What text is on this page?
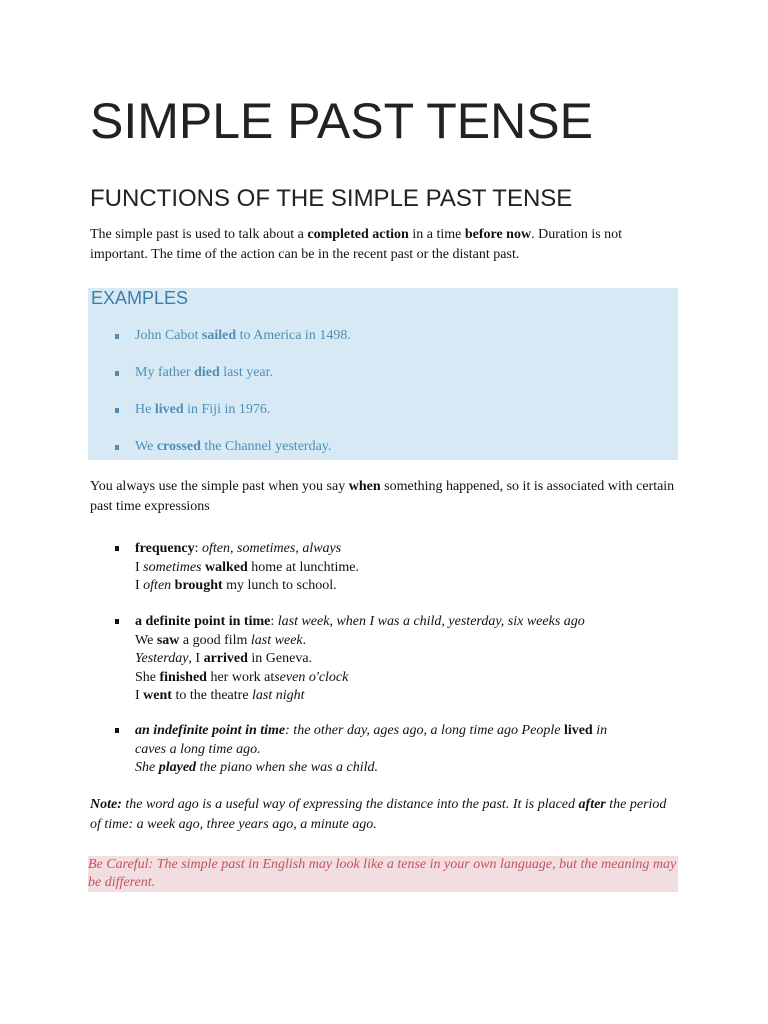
SIMPLE PAST TENSE
FUNCTIONS OF THE SIMPLE PAST TENSE
The simple past is used to talk about a completed action in a time before now. Duration is not important. The time of the action can be in the recent past or the distant past.
EXAMPLES
John Cabot sailed to America in 1498.
My father died last year.
He lived in Fiji in 1976.
We crossed the Channel yesterday.
You always use the simple past when you say when something happened, so it is associated with certain past time expressions
frequency: often, sometimes, always
I sometimes walked home at lunchtime.
I often brought my lunch to school.
a definite point in time: last week, when I was a child, yesterday, six weeks ago
We saw a good film last week.
Yesterday, I arrived in Geneva.
She finished her work atseven o'clock
I went to the theatre last night
an indefinite point in time: the other day, ages ago, a long time ago People lived in
caves a long time ago.
She played the piano when she was a child.
Note: the word ago is a useful way of expressing the distance into the past. It is placed after the period of time: a week ago, three years ago, a minute ago.
Be Careful: The simple past in English may look like a tense in your own language, but the meaning may be different.
